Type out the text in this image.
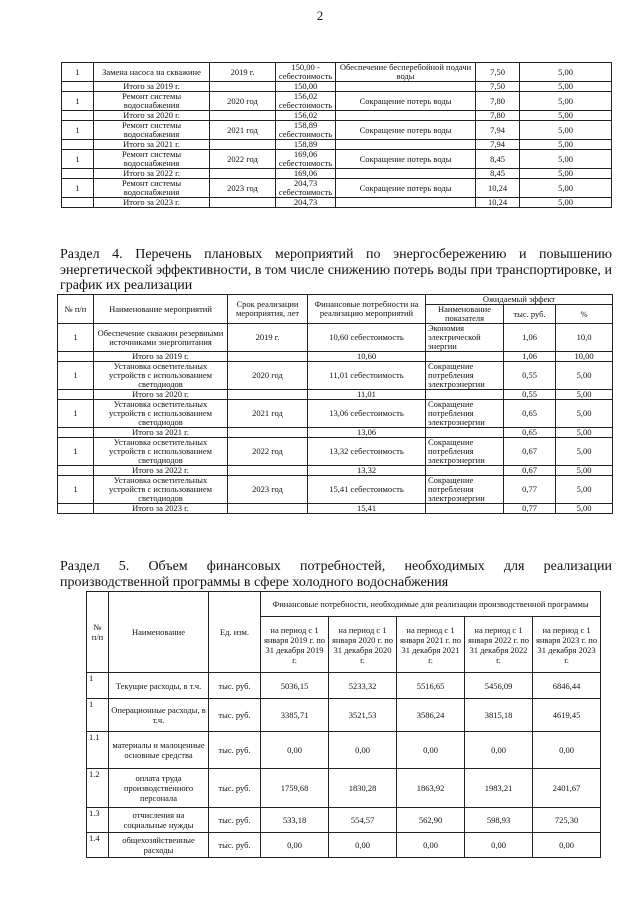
2
1	Замена насоса на скважине	2019 г.	150,00 - себестоимость	Обеспечение бесперебойной подачи воды	7,50	5,00
	Итого за 2019 г.		150,00		7,50	5,00
1	Ремонт системы водоснабжения	2020 год	156,02 себестоимость	Сокращение потерь воды	7,80	5,00
	Итого за 2020 г.		156,02		7,80	5,00
1	Ремонт системы водоснабжения	2021 год	158,89 себестоимость	Сокращение потерь воды	7,94	5,00
	Итого за 2021 г.		158,89		7,94	5,00
1	Ремонт системы водоснабжения	2022 год	169,06 себестоимость	Сокращение потерь воды	8,45	5,00
	Итого за 2022 г.		169,06		8,45	5,00
1	Ремонт системы водоснабжения	2023 год	204,73 себестоимость	Сокращение потерь воды	10,24	5,00
	Итого за 2023 г.		204,73		10,24	5,00
Раздел 4. Перечень плановых мероприятий по энергосбережению и повышению энергетической эффективности, в том числе снижению потерь воды при транспортировке, и график их реализации
№ п/п	Наименование мероприятий	Срок реализации мероприятия, лет	Финансовые потребности на реализацию мероприятий	Ожидаемый эффект		
				Наименование показателя	тыс. руб.	%
1	Обеспечение скважин резервными источниками энергопитания	2019 г.	10,60 себестоимость	Экономия электрической энергии	1,06	10,0
	Итого за 2019 г.		10,60		1,06	10,00
1	Установка осветительных устройств с использованием светодиодов	2020 год	11,01 себестоимость	Сокращение потребления электроэнергии	0,55	5,00
	Итого за 2020 г.		11,01		0,55	5,00
1	Установка осветительных устройств с использованием светодиодов	2021 год	13,06 себестоимость	Сокращение потребления электроэнергии	0,65	5,00
	Итого за 2021 г.		13,06		0,65	5,00
1	Установка осветительных устройств с использованием светодиодов	2022 год	13,32 себестоимость	Сокращение потребления электроэнергии	0,67	5,00
	Итого за 2022 г.		13,32		0,67	5,00
1	Установка осветительных устройств с использованием светодиодов	2023 год	15,41 себестоимость	Сокращение потребления электроэнергии	0,77	5,00
	Итого за 2023 г.		15,41		0,77	5,00
Раздел 5. Объем финансовых потребностей, необходимых для реализации производственной программы в сфере холодного водоснабжения
№ п/п	Наименование	Ед. изм.	Финансовые потребности, необходимые для реализации производственной программы				
			на период с 1 января 2019 г. по 31 декабря 2019 г.	на период с 1 января 2020 г. по 31 декабря 2020 г.	на период с 1 января 2021 г. по 31 декабря 2021 г.	на период с 1 января 2022 г. по 31 декабря 2022 г.	на период с 1 января 2023 г. по 31 декабря 2023 г.
1	Текущие расходы, в т.ч.	тыс. руб.	5036,15	5233,32	5516,65	5456,09	6846,44
1	Операционные расходы, в т.ч.	тыс. руб.	3385,71	3521,53	3586,24	3815,18	4619,45
1.1	материалы и малоценные основные средства	тыс. руб.	0,00	0,00	0,00	0,00	0,00
1.2	оплата труда производственного персонала	тыс. руб.	1759,68	1830,28	1863,92	1983,21	2401,67
1.3	отчисления на социальные нужды	тыс. руб.	533,18	554,57	562,90	598,93	725,30
1.4	общехозяйственные расходы	тыс. руб.	0,00	0,00	0,00	0,00	0,00
